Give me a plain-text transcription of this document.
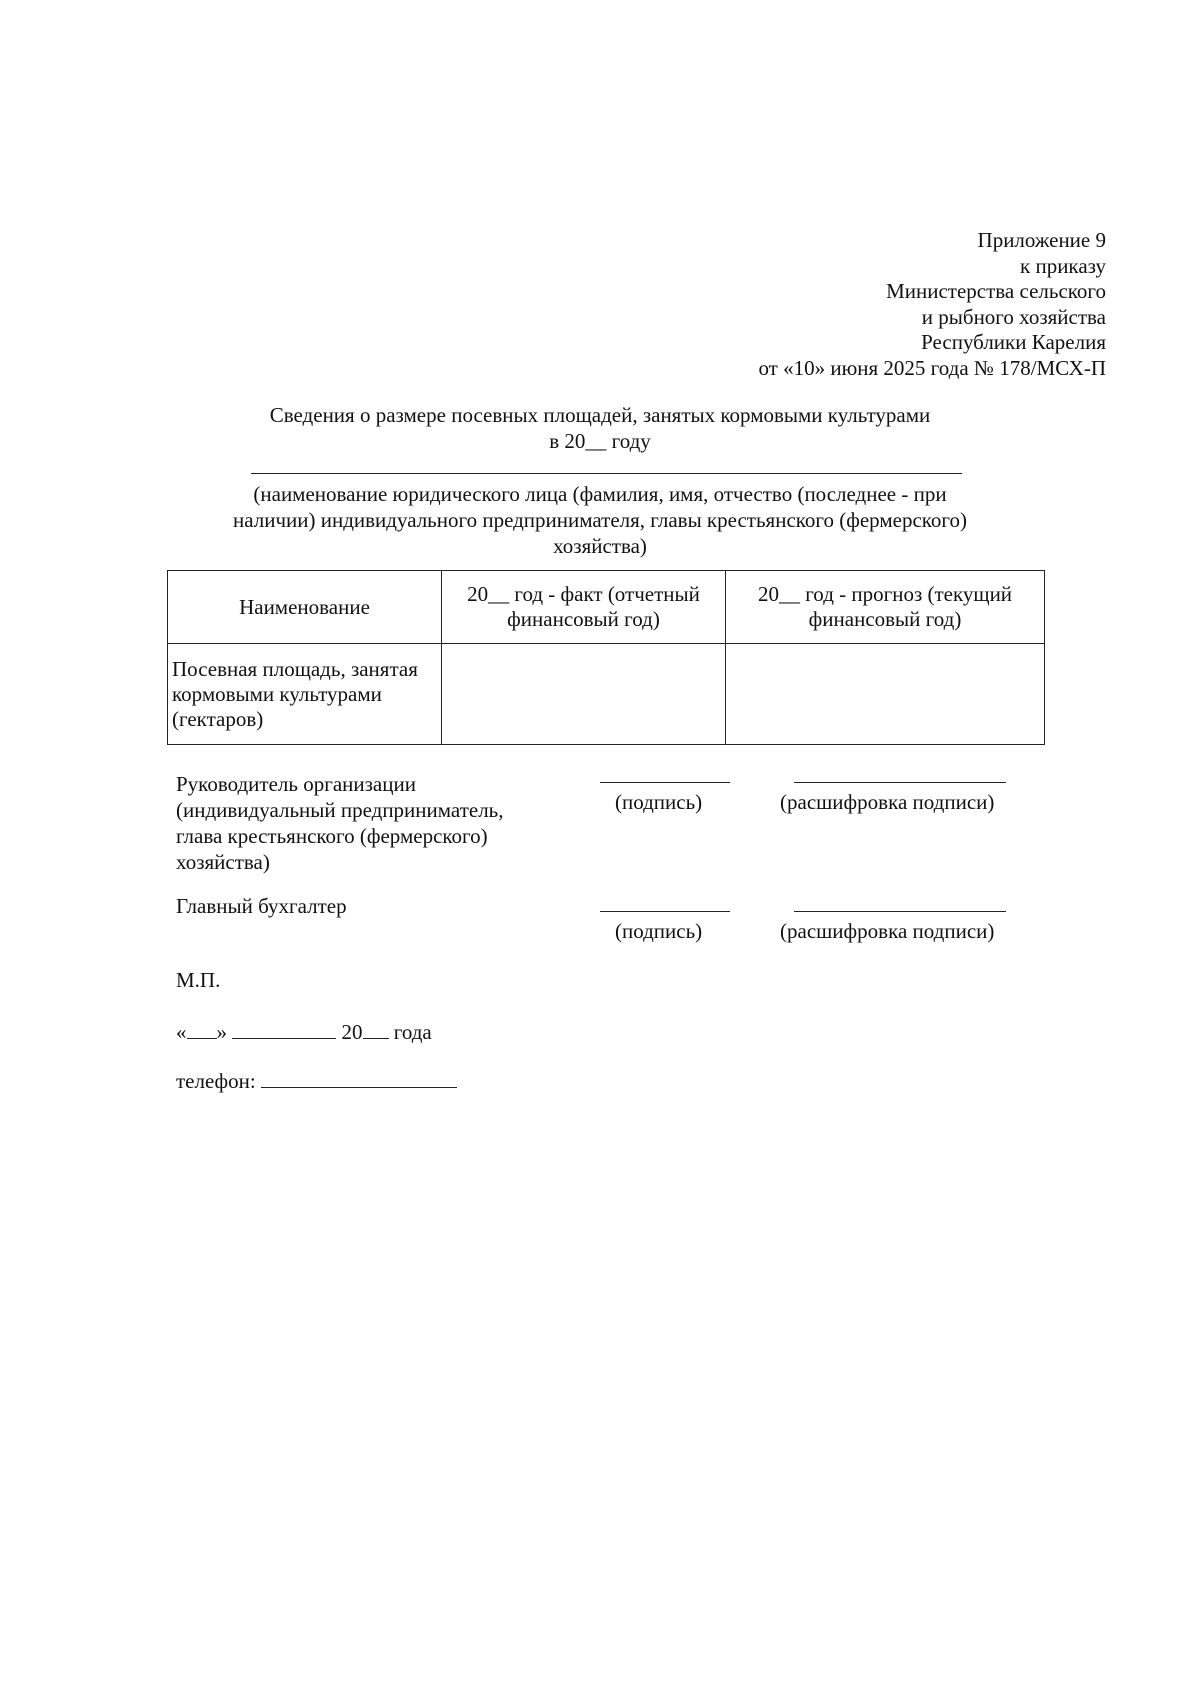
Приложение 9
к приказу
Министерства сельского
и рыбного хозяйства
Республики Карелия
от «10» июня 2025 года № 178/МСХ-П
Сведения о размере посевных площадей, занятых кормовыми культурами
в 20__ году
(наименование юридического лица (фамилия, имя, отчество (последнее - при
наличии) индивидуального предпринимателя, главы крестьянского (фермерского)
хозяйства)
Наименование	20__ год - факт (отчетный финансовый год)	20__ год - прогноз (текущий финансовый год)
Посевная площадь, занятая кормовыми культурами (гектаров)		
Руководитель организации
(индивидуальный предприниматель,
глава крестьянского (фермерского)
хозяйства)
(подпись)	(расшифровка подписи)
Главный бухгалтер
(подпись)	(расшифровка подписи)
М.П.
« »	20 года
телефон:
